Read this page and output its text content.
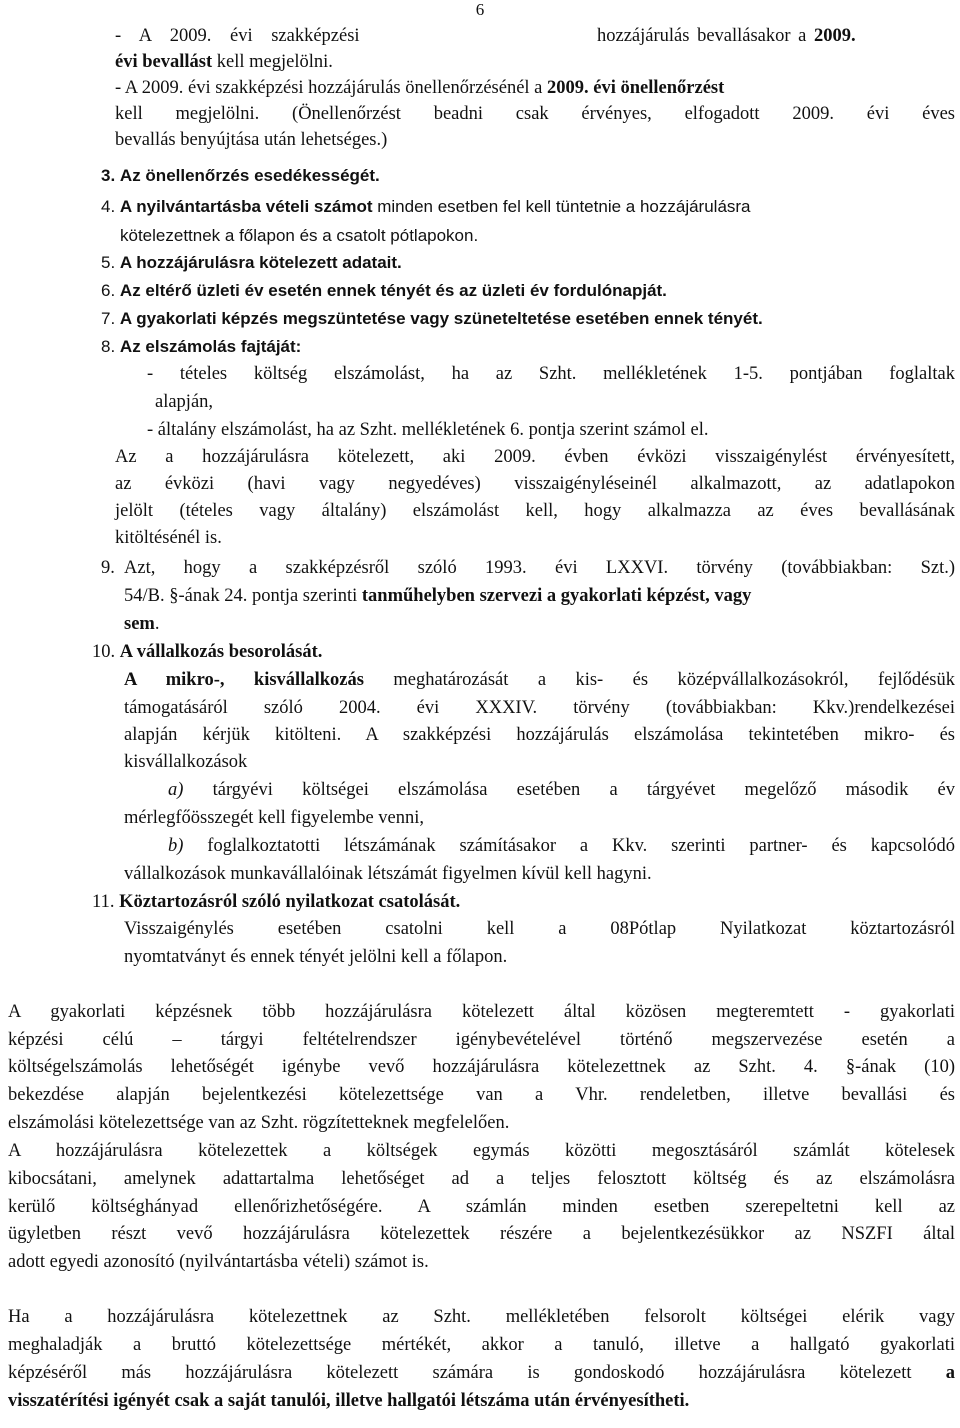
6
- A 2009. évi szakképzési	hozzájárulás bevallásakor a 2009.
évi bevallást kell megjelölni.
- A 2009. évi szakképzési hozzájárulás önellenőrzésénél a 2009. évi önellenőrzést
kell megjelölni. (Önellenőrzést beadni csak érvényes, elfogadott 2009. évi éves
bevallás benyújtása után lehetséges.)
3. Az önellenőrzés esedékességét.
4. A nyilvántartásba vételi számot minden esetben fel kell tüntetnie a hozzájárulásra
kötelezettnek a főlapon és a csatolt pótlapokon.
5. A hozzájárulásra kötelezett adatait.
6. Az eltérő üzleti év esetén ennek tényét és az üzleti év fordulónapját.
7. A gyakorlati képzés megszüntetése vagy szüneteltetése esetében ennek tényét.
8. Az elszámolás fajtáját:
- tételes költség elszámolást, ha az Szht. mellékletének 1-5. pontjában foglaltak
alapján,
- általány elszámolást, ha az Szht. mellékletének 6. pontja szerint számol el.
Az a hozzájárulásra kötelezett, aki 2009. évben évközi visszaigénylést érvényesített,
az évközi (havi vagy negyedéves) visszaigényléseinél alkalmazott, az adatlapokon
jelölt (tételes vagy általány) elszámolást kell, hogy alkalmazza az éves bevallásának
kitöltésénél is.
9. Azt, hogy a szakképzésről szóló 1993. évi LXXVI. törvény (továbbiakban: Szt.)
54/B. §-ának 24. pontja szerinti tanműhelyben szervezi a gyakorlati képzést, vagy
sem.
10. A vállalkozás besorolását.
A mikro-, kisvállalkozás meghatározását a kis- és középvállalkozásokról, fejlődésük
támogatásáról szóló 2004. évi XXXIV. törvény (továbbiakban: Kkv.)rendelkezései
alapján kérjük kitölteni. A szakképzési hozzájárulás elszámolása tekintetében mikro- és
kisvállalkozások
a) tárgyévi költségei elszámolása esetében a tárgyévet megelőző második év
mérlegfőösszegét kell figyelembe venni,
b) foglalkoztatotti létszámának számításakor a Kkv. szerinti partner- és kapcsolódó
vállalkozások munkavállalóinak létszámát figyelmen kívül kell hagyni.
11. Köztartozásról szóló nyilatkozat csatolását.
Visszaigénylés esetében csatolni kell a 08Pótlap Nyilatkozat köztartozásról
nyomtatványt és ennek tényét jelölni kell a főlapon.
A gyakorlati képzésnek több hozzájárulásra kötelezett által közösen megteremtett - gyakorlati
képzési célú – tárgyi feltételrendszer igénybevételével történő megszervezése esetén a
költségelszámolás lehetőségét igénybe vevő hozzájárulásra kötelezettnek az Szht. 4. §-ának (10)
bekezdése alapján bejelentkezési kötelezettsége van a Vhr. rendeletben, illetve bevallási és
elszámolási kötelezettsége van az Szht. rögzítetteknek megfelelően.
A hozzájárulásra kötelezettek a költségek egymás közötti megosztásáról számlát kötelesek
kibocsátani, amelynek adattartalma lehetőséget ad a teljes felosztott költség és az elszámolásra
kerülő költséghányad ellenőrizhetőségére. A számlán minden esetben szerepeltetni kell az
ügyletben részt vevő hozzájárulásra kötelezettek részére a bejelentkezésükkor az NSZFI által
adott egyedi azonosító (nyilvántartásba vételi) számot is.
Ha a hozzájárulásra kötelezettnek az Szht. mellékletében felsorolt költségei elérik vagy
meghaladják a bruttó kötelezettsége mértékét, akkor a tanuló, illetve a hallgató gyakorlati
képzéséről más hozzájárulásra kötelezett számára is gondoskodó hozzájárulásra kötelezett a
visszatérítési igényét csak a saját tanulói, illetve hallgatói létszáma után érvényesítheti.
